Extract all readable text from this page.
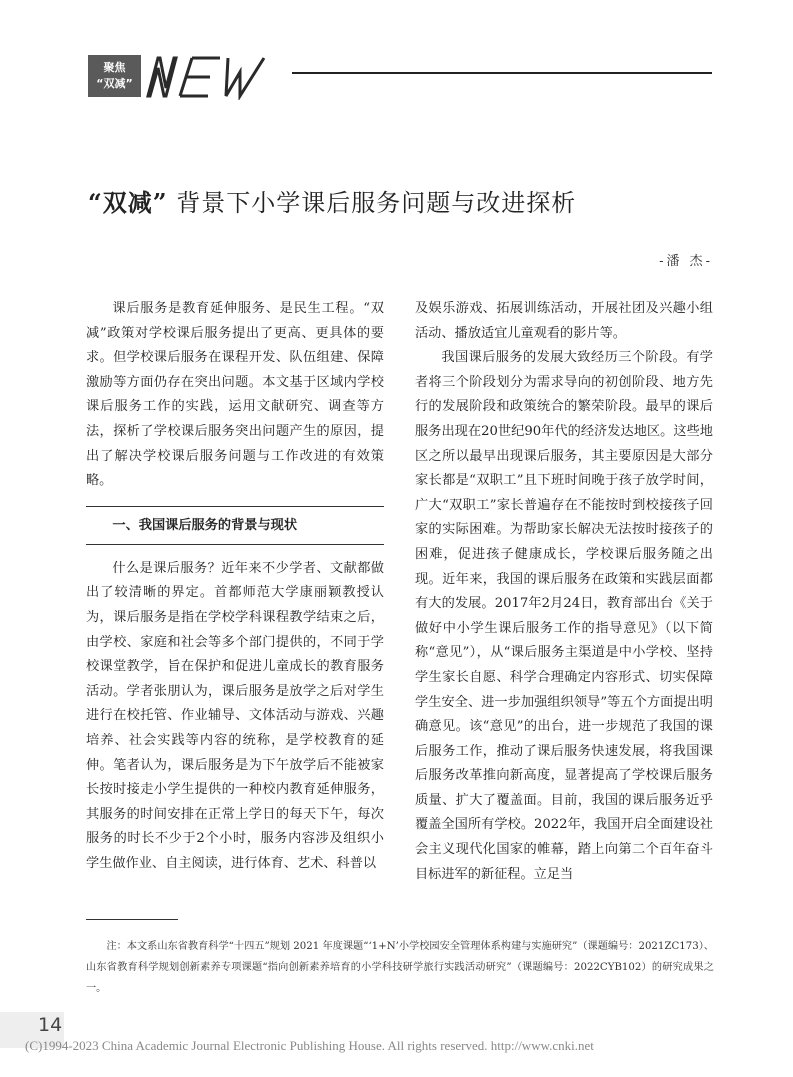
聚焦
“双减”
NEW
“双减” 背景下小学课后服务问题与改进探析
-潘 杰-

课后服务是教育延伸服务、是民生工程。“双减”政策对学校课后服务提出了更高、更具体的要求。但学校课后服务在课程开发、队伍组建、保障激励等方面仍存在突出问题。本文基于区域内学校课后服务工作的实践，运用文献研究、调查等方法，探析了学校课后服务突出问题产生的原因，提出了解决学校课后服务问题与工作改进的有效策略。

一、我国课后服务的背景与现状

什么是课后服务？近年来不少学者、文献都做出了较清晰的界定。首都师范大学康丽颖教授认为，课后服务是指在学校学科课程教学结束之后，由学校、家庭和社会等多个部门提供的，不同于学校课堂教学，旨在保护和促进儿童成长的教育服务活动。学者张朋认为，课后服务是放学之后对学生进行在校托管、作业辅导、文体活动与游戏、兴趣培养、社会实践等内容的统称，是学校教育的延伸。笔者认为，课后服务是为下午放学后不能被家长按时接走小学生提供的一种校内教育延伸服务，其服务的时间安排在正常上学日的每天下午，每次服务的时长不少于2个小时，服务内容涉及组织小学生做作业、自主阅读，进行体育、艺术、科普以

及娱乐游戏、拓展训练活动，开展社团及兴趣小组活动、播放适宜儿童观看的影片等。

我国课后服务的发展大致经历三个阶段。有学者将三个阶段划分为需求导向的初创阶段、地方先行的发展阶段和政策统合的繁荣阶段。最早的课后服务出现在20世纪90年代的经济发达地区。这些地区之所以最早出现课后服务，其主要原因是大部分家长都是“双职工”且下班时间晚于孩子放学时间，广大“双职工”家长普遍存在不能按时到校接孩子回家的实际困难。为帮助家长解决无法按时接孩子的困难，促进孩子健康成长，学校课后服务随之出现。近年来，我国的课后服务在政策和实践层面都有大的发展。2017年2月24日，教育部出台《关于做好中小学生课后服务工作的指导意见》（以下简称“意见”），从“课后服务主渠道是中小学校、坚持学生家长自愿、科学合理确定内容形式、切实保障学生安全、进一步加强组织领导”等五个方面提出明确意见。该“意见”的出台，进一步规范了我国的课后服务工作，推动了课后服务快速发展，将我国课后服务改革推向新高度，显著提高了学校课后服务质量、扩大了覆盖面。目前，我国的课后服务近乎覆盖全国所有学校。2022年，我国开启全面建设社会主义现代化国家的帷幕，踏上向第二个百年奋斗目标进军的新征程。立足当

注：本文系山东省教育科学“十四五”规划 2021 年度课题“‘1+N’小学校园安全管理体系构建与实施研究”（课题编号：2021ZC173）、山东省教育科学规划创新素养专项课题“指向创新素养培育的小学科技研学旅行实践活动研究”（课题编号：2022CYB102）的研究成果之一。

14
(C)1994-2023 China Academic Journal Electronic Publishing House. All rights reserved. http://www.cnki.net
